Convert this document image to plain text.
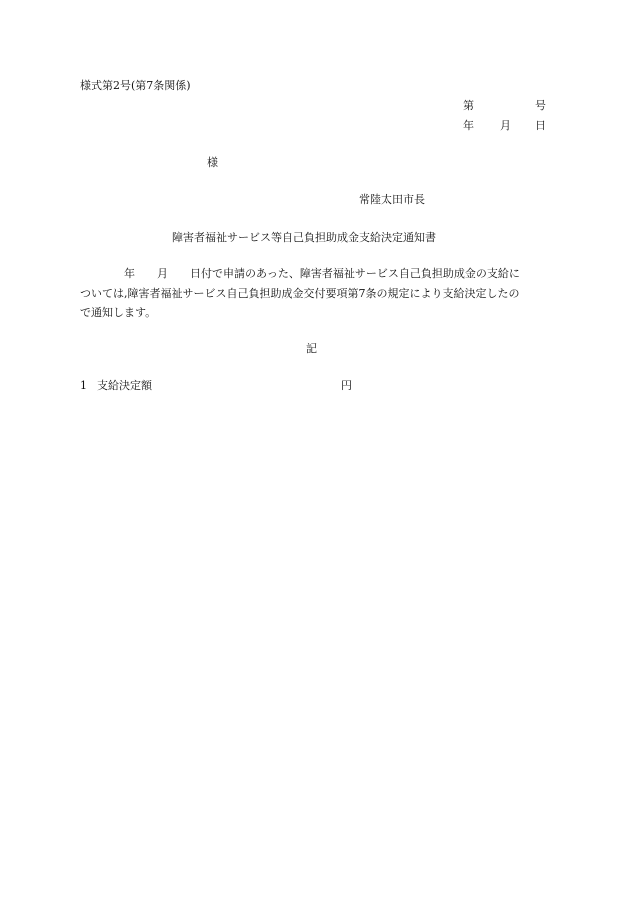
様式第2号(第7条関係)
第	号
年 月 日
様
常陸太田市長
障害者福祉サービス等自己負担助成金支給決定通知書
年 月 日付で申請のあった、障害者福祉サービス自己負担助成金の支給に
ついては,障害者福祉サービス自己負担助成金交付要項第7条の規定により支給決定したの
で通知します。
記
1 支給決定額	円
